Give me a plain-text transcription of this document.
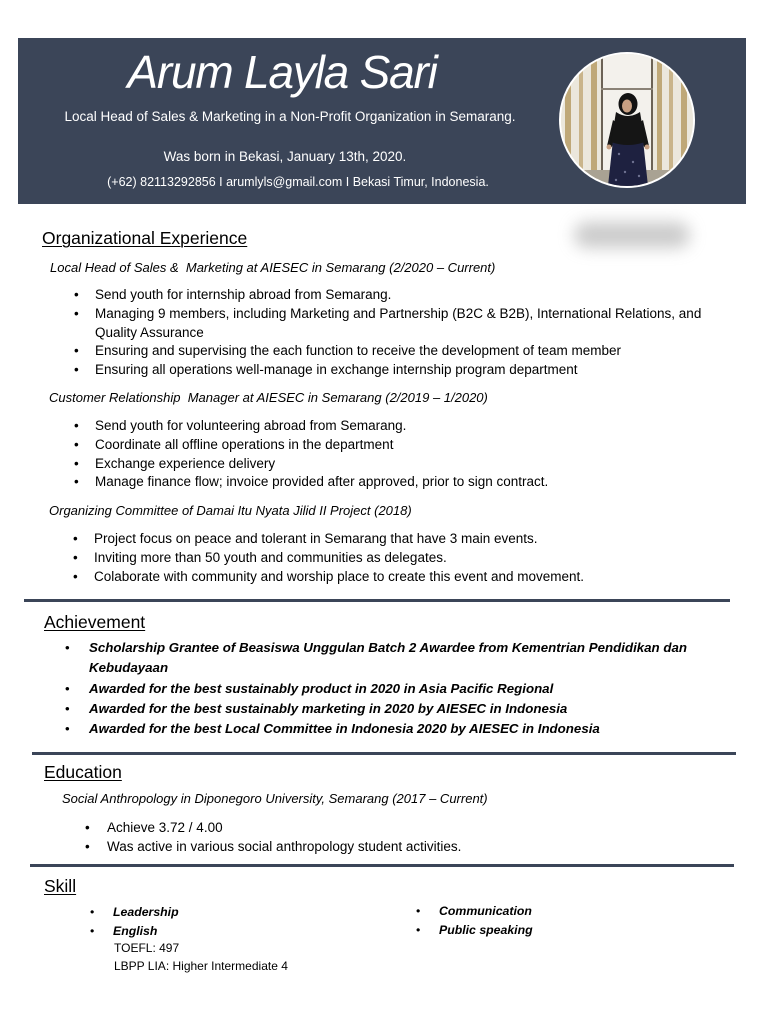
Arum Layla Sari
Local Head of Sales & Marketing in a Non-Profit Organization in Semarang.
Was born in Bekasi, January 13th, 2020.
(+62) 82113292856 I arumlyls@gmail.com I Bekasi Timur, Indonesia.
Organizational Experience
Local Head of Sales &  Marketing at AIESEC in Semarang (2/2020 – Current)
• Send youth for internship abroad from Semarang.
• Managing 9 members, including Marketing and Partnership (B2C & B2B), International Relations, and Quality Assurance
• Ensuring and supervising the each function to receive the development of team member
• Ensuring all operations well-manage in exchange internship program department
Customer Relationship  Manager at AIESEC in Semarang (2/2019 – 1/2020)
• Send youth for volunteering abroad from Semarang.
• Coordinate all offline operations in the department
• Exchange experience delivery
• Manage finance flow; invoice provided after approved, prior to sign contract.
Organizing Committee of Damai Itu Nyata Jilid II Project (2018)
• Project focus on peace and tolerant in Semarang that have 3 main events.
• Inviting more than 50 youth and communities as delegates.
• Colaborate with community and worship place to create this event and movement.
Achievement
• Scholarship Grantee of Beasiswa Unggulan Batch 2 Awardee from Kementrian Pendidikan dan Kebudayaan
• Awarded for the best sustainably product in 2020 in Asia Pacific Regional
• Awarded for the best sustainably marketing in 2020 by AIESEC in Indonesia
• Awarded for the best Local Committee in Indonesia 2020 by AIESEC in Indonesia
Education
Social Anthropology in Diponegoro University, Semarang (2017 – Current)
• Achieve 3.72 / 4.00
• Was active in various social anthropology student activities.
Skill
• Leadership
• English
TOEFL: 497
LBPP LIA: Higher Intermediate 4
• Communication
• Public speaking
